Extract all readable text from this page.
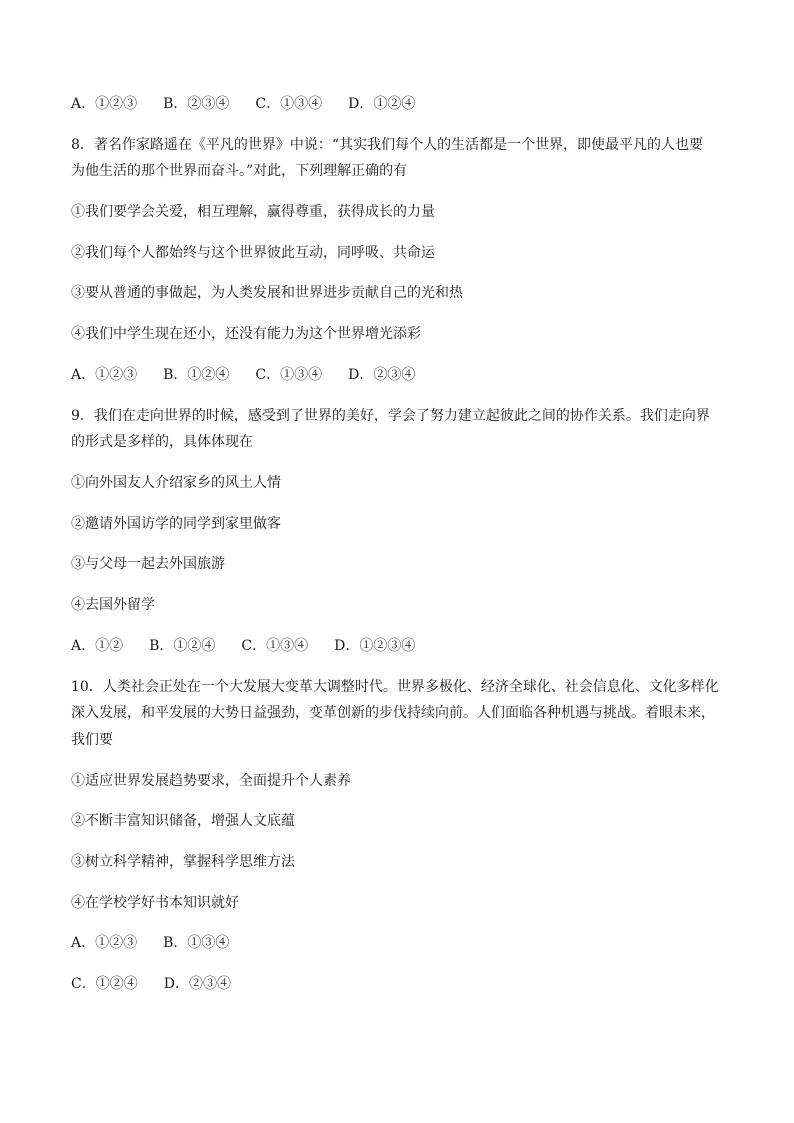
A．①②③ B．②③④ C．①③④ D．①②④
8．著名作家路遥在《平凡的世界》中说：“其实我们每个人的生活都是一个世界，即使最平凡的人也要
为他生活的那个世界而奋斗。”对此，下列理解正确的有
①我们要学会关爱，相互理解，赢得尊重，获得成长的力量
②我们每个人都始终与这个世界彼此互动，同呼吸、共命运
③要从普通的事做起，为人类发展和世界进步贡献自己的光和热
④我们中学生现在还小，还没有能力为这个世界增光添彩
A．①②③ B．①②④ C．①③④ D．②③④
9．我们在走向世界的时候，感受到了世界的美好，学会了努力建立起彼此之间的协作关系。我们走向界
的形式是多样的，具体体现在
①向外国友人介绍家乡的风土人情
②邀请外国访学的同学到家里做客
③与父母一起去外国旅游
④去国外留学
A．①② B．①②④ C．①③④ D．①②③④
10．人类社会正处在一个大发展大变革大调整时代。世界多极化、经济全球化、社会信息化、文化多样化
深入发展，和平发展的大势日益强劲，变革创新的步伐持续向前。人们面临各种机遇与挑战。着眼未来，
我们要
①适应世界发展趋势要求，全面提升个人素养
②不断丰富知识储备，增强人文底蕴
③树立科学精神，掌握科学思维方法
④在学校学好书本知识就好
A．①②③ B．①③④
C．①②④ D．②③④
